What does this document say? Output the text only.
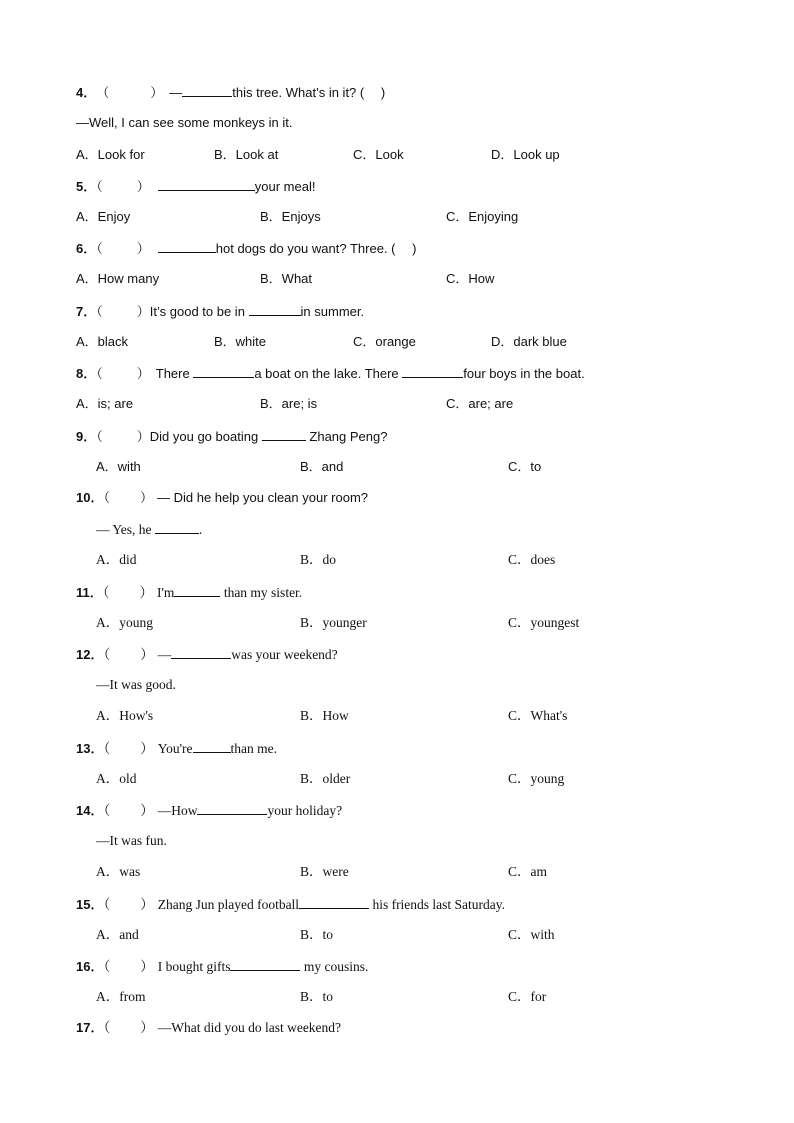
4．（	） —	this tree. What’s in it? (　 )
—Well, I can see some monkeys in it.
A．Look for	B．Look at	C．Look	D．Look up
5．（	）	your meal!
A．Enjoy	B．Enjoys	C．Enjoying
6．（	）	hot dogs do you want? Three. (　 )
A．How many	B．What	C．How
7．（	）It’s good to be in	in summer.
A．black	B．white	C．orange	D．dark blue
8．（	） There	a boat on the lake. There	four boys in the boat.
A．is; are	B．are; is	C．are; are
9．（	）Did you go boating	Zhang Peng?
A．with	B．and	C．to
10．（ ） — Did he help you clean your room?
— Yes, he	.
A．did	B．do	C．does
11．（ ） I'm	than my sister.
A．young	B．younger	C．youngest
12．（ ） —	was your weekend?
—It was good.
A．How's	B．How	C．What's
13．（ ） You're	than me.
A．old	B．older	C．young
14．（ ） —How	your holiday?
—It was fun.
A．was	B．were	C．am
15．（ ） Zhang Jun played football	his friends last Saturday.
A．and	B．to	C．with
16．（ ） I bought gifts	my cousins.
A．from	B．to	C．for
17．（ ） —What did you do last weekend?
